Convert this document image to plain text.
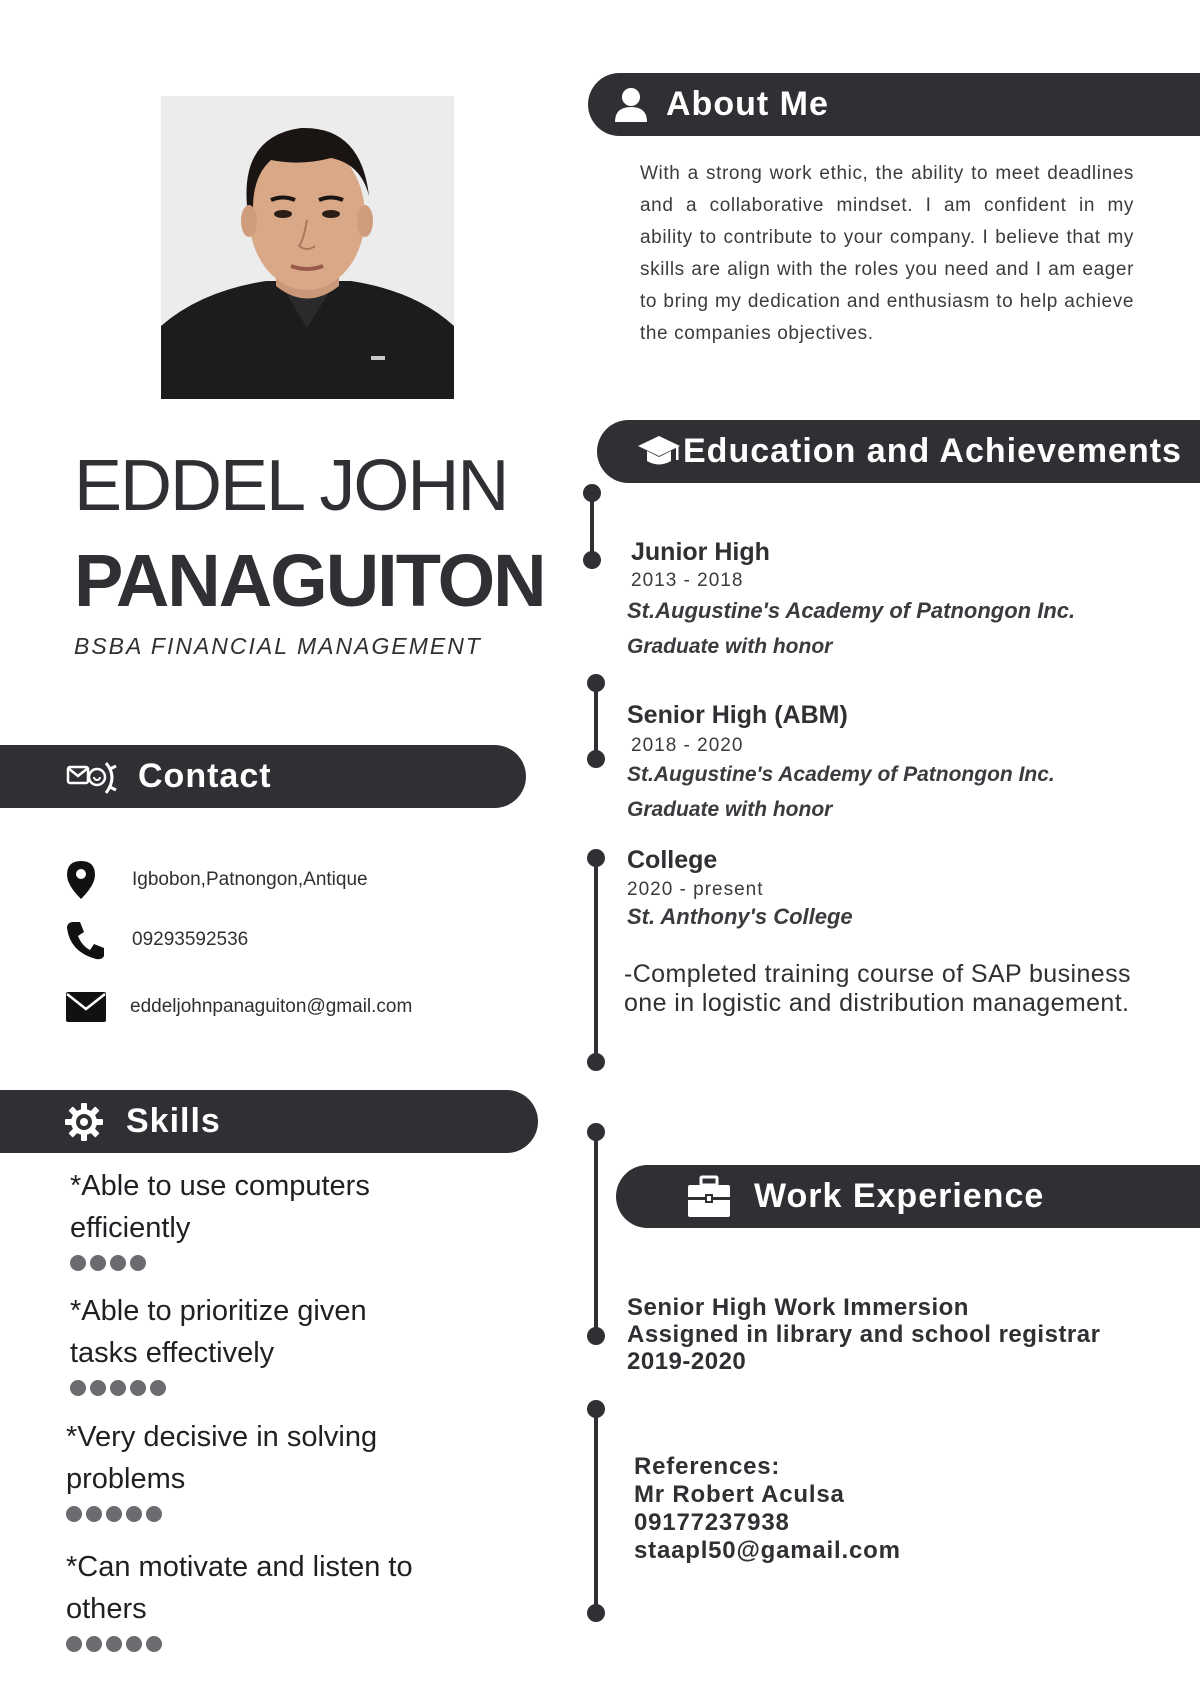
EDDEL JOHN
PANAGUITON
BSBA FINANCIAL MANAGEMENT
About Me
With a strong work ethic, the ability to meet deadlines and a collaborative mindset. I am confident in my ability to contribute to your company. I believe that my skills are align with the roles you need and I am eager to bring my dedication and enthusiasm to help achieve the companies objectives.
Education and Achievements
Junior High
2013 - 2018
St.Augustine's Academy of Patnongon Inc.
Graduate with honor
Senior High (ABM)
2018 - 2020
St.Augustine's Academy of Patnongon Inc.
Graduate with honor
College
2020 - present
St. Anthony's College
-Completed training course of SAP business
one in logistic and distribution management.
Work Experience
Senior High Work Immersion
Assigned in library and school registrar
2019-2020
References:
Mr Robert Aculsa
09177237938
staapl50@gamail.com
Contact
Igbobon,Patnongon,Antique
09293592536
eddeljohnpanaguiton@gmail.com
Skills
*Able to use computers
efficiently
*Able to prioritize given
tasks effectively
*Very decisive in solving
problems
*Can motivate and listen to
others
